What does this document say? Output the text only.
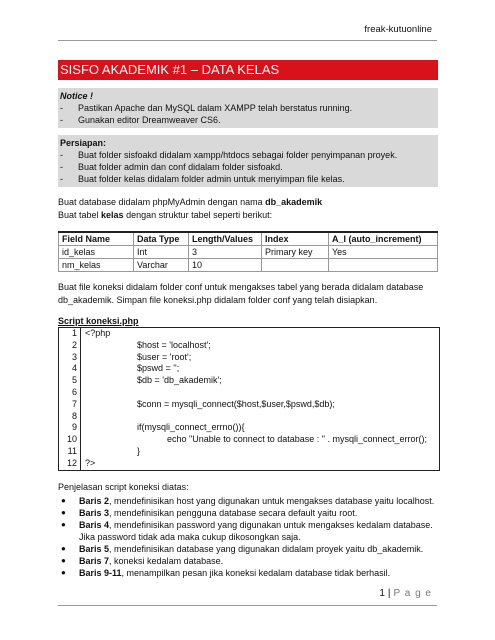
freak-kutuonline
SISFO AKADEMIK #1 – DATA KELAS
Notice !
-	Pastikan Apache dan MySQL dalam XAMPP telah berstatus running.
-	Gunakan editor Dreamweaver CS6.
Persiapan:
-	Buat folder sisfoakd didalam xampp/htdocs sebagai folder penyimpanan proyek.
-	Buat folder admin dan conf didalam folder sisfoakd.
-	Buat folder kelas didalam folder admin untuk menyimpan file kelas.
Buat database didalam phpMyAdmin dengan nama db_akademik
Buat tabel kelas dengan struktur tabel seperti berikut:
Field Name	Data Type	Length/Values	Index	A_I (auto_increment)
id_kelas	Int	3	Primary key	Yes
nm_kelas	Varchar	10		
Buat file koneksi didalam folder conf untuk mengakses tabel yang berada didalam database db_akademik. Simpan file koneksi.php didalam folder conf yang telah disiapkan.
Script koneksi.php
1 <?php
2	$host = 'localhost';
3	$user = 'root';
4	$pswd = '';
5	$db = 'db_akademik';
6
7	$conn = mysqli_connect($host,$user,$pswd,$db);
8
9	if(mysqli_connect_errno()){
10	echo "Unable to connect to database : " . mysqli_connect_error();
11	}
12 ?>
Penjelasan script koneksi diatas:
●	Baris 2, mendefinisikan host yang digunakan untuk mengakses database yaitu localhost.
●	Baris 3, mendefinisikan pengguna database secara default yaitu root.
●	Baris 4, mendefinisikan password yang digunakan untuk mengakses kedalam database. Jika password tidak ada maka cukup dikosongkan saja.
●	Baris 5, mendefinisikan database yang digunakan didalam proyek yaitu db_akademik.
●	Baris 7, koneksi kedalam database.
●	Baris 9-11, menampilkan pesan jika koneksi kedalam database tidak berhasil.
1 | P a g e
